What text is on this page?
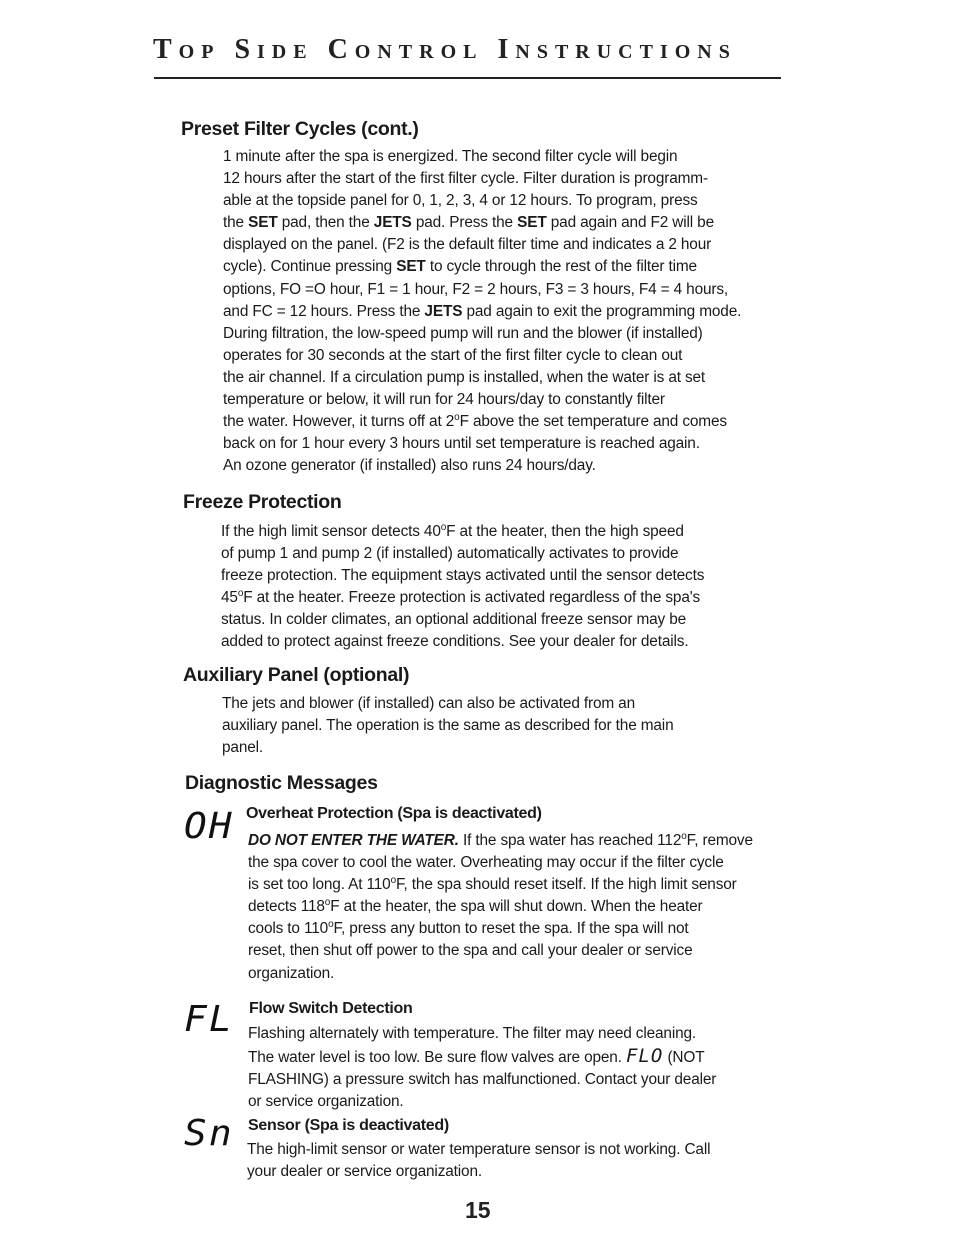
Top Side Control Instructions
Preset Filter Cycles (cont.)

1 minute after the spa is energized. The second filter cycle will begin

12 hours after the start of the first filter cycle. Filter duration is programm-

able at the topside panel for 0, 1, 2, 3, 4 or 12 hours. To program, press

the SET pad, then the JETS pad. Press the SET pad again and F2 will be

displayed on the panel. (F2 is the default filter time and indicates a 2 hour

cycle). Continue pressing SET to cycle through the rest of the filter time

options, FO =O hour, F1 = 1 hour, F2 = 2 hours, F3 = 3 hours, F4 = 4 hours,

and FC = 12 hours. Press the JETS pad again to exit the programming mode.

During filtration, the low-speed pump will run and the blower (if installed)

operates for 30 seconds at the start of the first filter cycle to clean out

the air channel. If a circulation pump is installed, when the water is at set

temperature or below, it will run for 24 hours/day to constantly filter

the water. However, it turns off at 2$^o$F above the set temperature and comes

back on for 1 hour every 3 hours until set temperature is reached again.

An ozone generator (if installed) also runs 24 hours/day.

Freeze Protection

If the high limit sensor detects 40$^o$F at the heater, then the high speed

of pump 1 and pump 2 (if installed) automatically activates to provide

freeze protection. The equipment stays activated until the sensor detects

45$^o$F at the heater. Freeze protection is activated regardless of the spa's

status. In colder climates, an optional additional freeze sensor may be

added to protect against freeze conditions. See your dealer for details.

Auxiliary Panel (optional)

The jets and blower (if installed) can also be activated from an

auxiliary panel. The operation is the same as described for the main

panel.

Diagnostic Messages
OH Overheat Protection (Spa is deactivated)

DO NOT ENTER THE WATER. If the spa water has reached 112$^o$F, remove

the spa cover to cool the water. Overheating may occur if the filter cycle

is set too long. At 110$^o$F, the spa should reset itself. If the high limit sensor

detects 118$^o$F at the heater, the spa will shut down. When the heater

cools to 110$^o$F, press any button to reset the spa. If the spa will not

reset, then shut off power to the spa and call your dealer or service

organization.

FL Flow Switch Detection

Flashing alternately with temperature. The filter may need cleaning.

The water level is too low. Be sure flow valves are open. FLO (NOT

FLASHING) a pressure switch has malfunctioned. Contact your dealer

or service organization.

Sn Sensor (Spa is deactivated)

The high-limit sensor or water temperature sensor is not working. Call

your dealer or service organization.

15
